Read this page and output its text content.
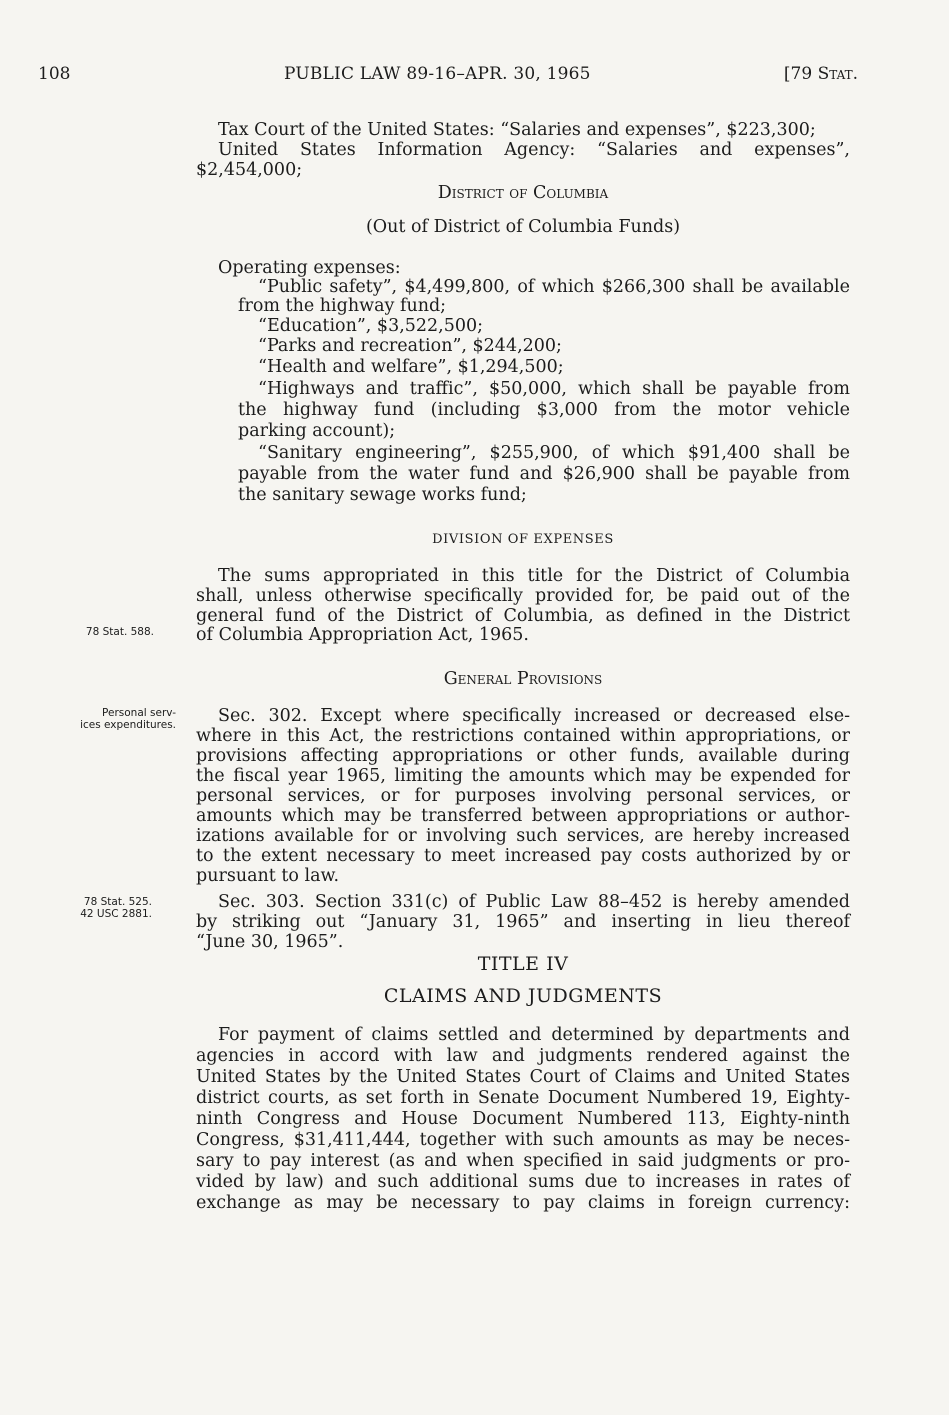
108	PUBLIC LAW 89-16–APR. 30, 1965	[79 Stat.
78 Stat. 588.
Personal serv-
ices expenditures.
78 Stat. 525.
42 USC 2881.
Tax Court of the United States: “Salaries and expenses”, $223,300;
United States Information Agency: “Salaries and expenses”,
$2,454,000;
District of Columbia
(Out of District of Columbia Funds)
Operating expenses:
“Public safety”, $4,499,800, of which $266,300 shall be available
from the highway fund;
“Education”, $3,522,500;
“Parks and recreation”, $244,200;
“Health and welfare”, $1,294,500;
“Highways and traffic”, $50,000, which shall be payable from
the highway fund (including $3,000 from the motor vehicle
parking account);
“Sanitary engineering”, $255,900, of which $91,400 shall be
payable from the water fund and $26,900 shall be payable from
the sanitary sewage works fund;
DIVISION OF EXPENSES
The sums appropriated in this title for the District of Columbia
shall, unless otherwise specifically provided for, be paid out of the
general fund of the District of Columbia, as defined in the District
of Columbia Appropriation Act, 1965.
General Provisions
Sec. 302. Except where specifically increased or decreased else-
where in this Act, the restrictions contained within appropriations, or
provisions affecting appropriations or other funds, available during
the fiscal year 1965, limiting the amounts which may be expended for
personal services, or for purposes involving personal services, or
amounts which may be transferred between appropriations or author-
izations available for or involving such services, are hereby increased
to the extent necessary to meet increased pay costs authorized by or
pursuant to law.
Sec. 303. Section 331(c) of Public Law 88–452 is hereby amended
by striking out “January 31, 1965” and inserting in lieu thereof
“June 30, 1965”.
TITLE IV
CLAIMS AND JUDGMENTS
For payment of claims settled and determined by departments and
agencies in accord with law and judgments rendered against the
United States by the United States Court of Claims and United States
district courts, as set forth in Senate Document Numbered 19, Eighty-
ninth Congress and House Document Numbered 113, Eighty-ninth
Congress, $31,411,444, together with such amounts as may be neces-
sary to pay interest (as and when specified in said judgments or pro-
vided by law) and such additional sums due to increases in rates of
exchange as may be necessary to pay claims in foreign currency:
